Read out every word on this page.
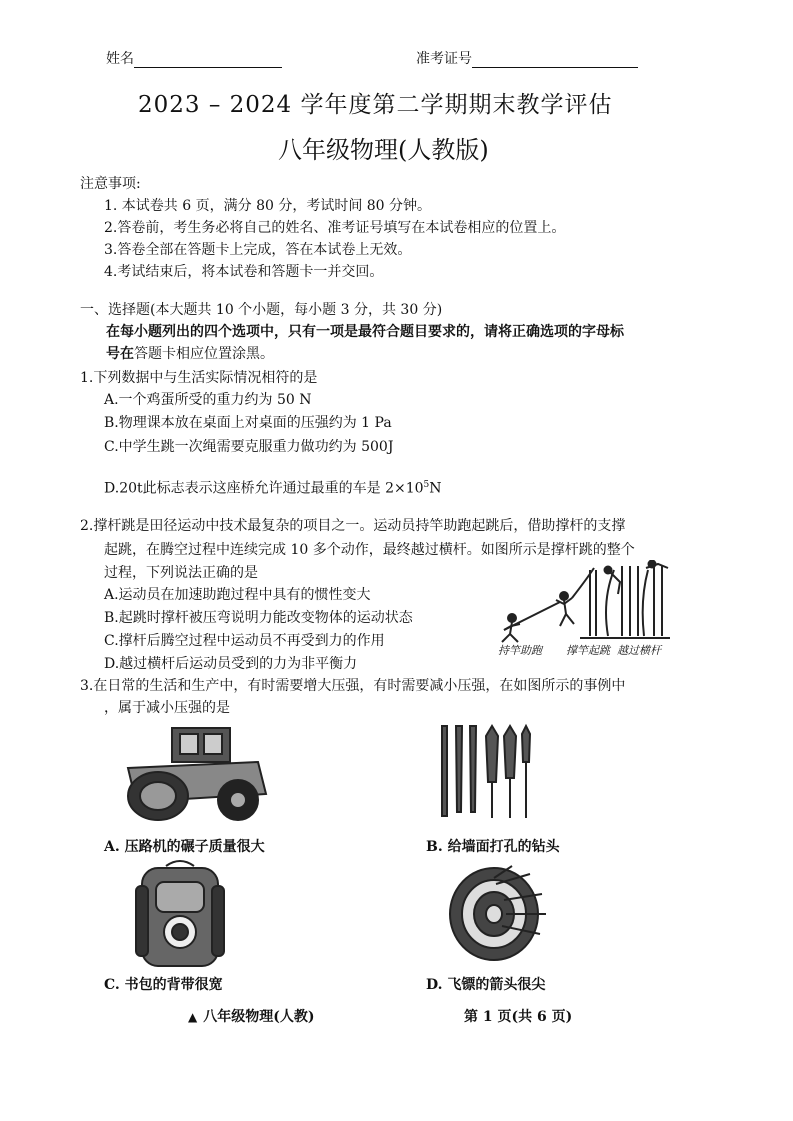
姓名	准考证号
2023 – 2024 学年度第二学期期末教学评估
八年级物理(人教版)
注意事项:
1. 本试卷共 6 页，满分 80 分，考试时间 80 分钟。
2.答卷前，考生务必将自己的姓名、准考证号填写在本试卷相应的位置上。
3.答卷全部在答题卡上完成，答在本试卷上无效。
4.考试结束后，将本试卷和答题卡一并交回。
一、选择题(本大题共 10 个小题，每小题 3 分，共 30 分)
在每小题列出的四个选项中，只有一项是最符合题目要求的，请将正确选项的字母标
号在答题卡相应位置涂黑。
1.下列数据中与生活实际情况相符的是
A.一个鸡蛋所受的重力约为 50 N
B.物理课本放在桌面上对桌面的压强约为 1 Pa
C.中学生跳一次绳需要克服重力做功约为 500J
D.20t此标志表示这座桥允许通过最重的车是 $2\times 10^5N$
2.撑杆跳是田径运动中技术最复杂的项目之一。运动员持竿助跑起跳后，借助撑杆的支撑
起跳，在腾空过程中连续完成 10 多个动作，最终越过横杆。如图所示是撑杆跳的整个
过程，下列说法正确的是
A.运动员在加速助跑过程中具有的惯性变大
B.起跳时撑杆被压弯说明力能改变物体的运动状态
C.撑杆后腾空过程中运动员不再受到力的作用
D.越过横杆后运动员受到的力为非平衡力
持竿助跑 撑竿起跳 越过横杆
3.在日常的生活和生产中，有时需要增大压强，有时需要减小压强，在如图所示的事例中
，属于减小压强的是
A. 压路机的碾子质量很大	B. 给墙面打孔的钻头
C. 书包的背带很宽	D. 飞镖的箭头很尖
▲ 八年级物理(人教)	第 1 页(共 6 页)
